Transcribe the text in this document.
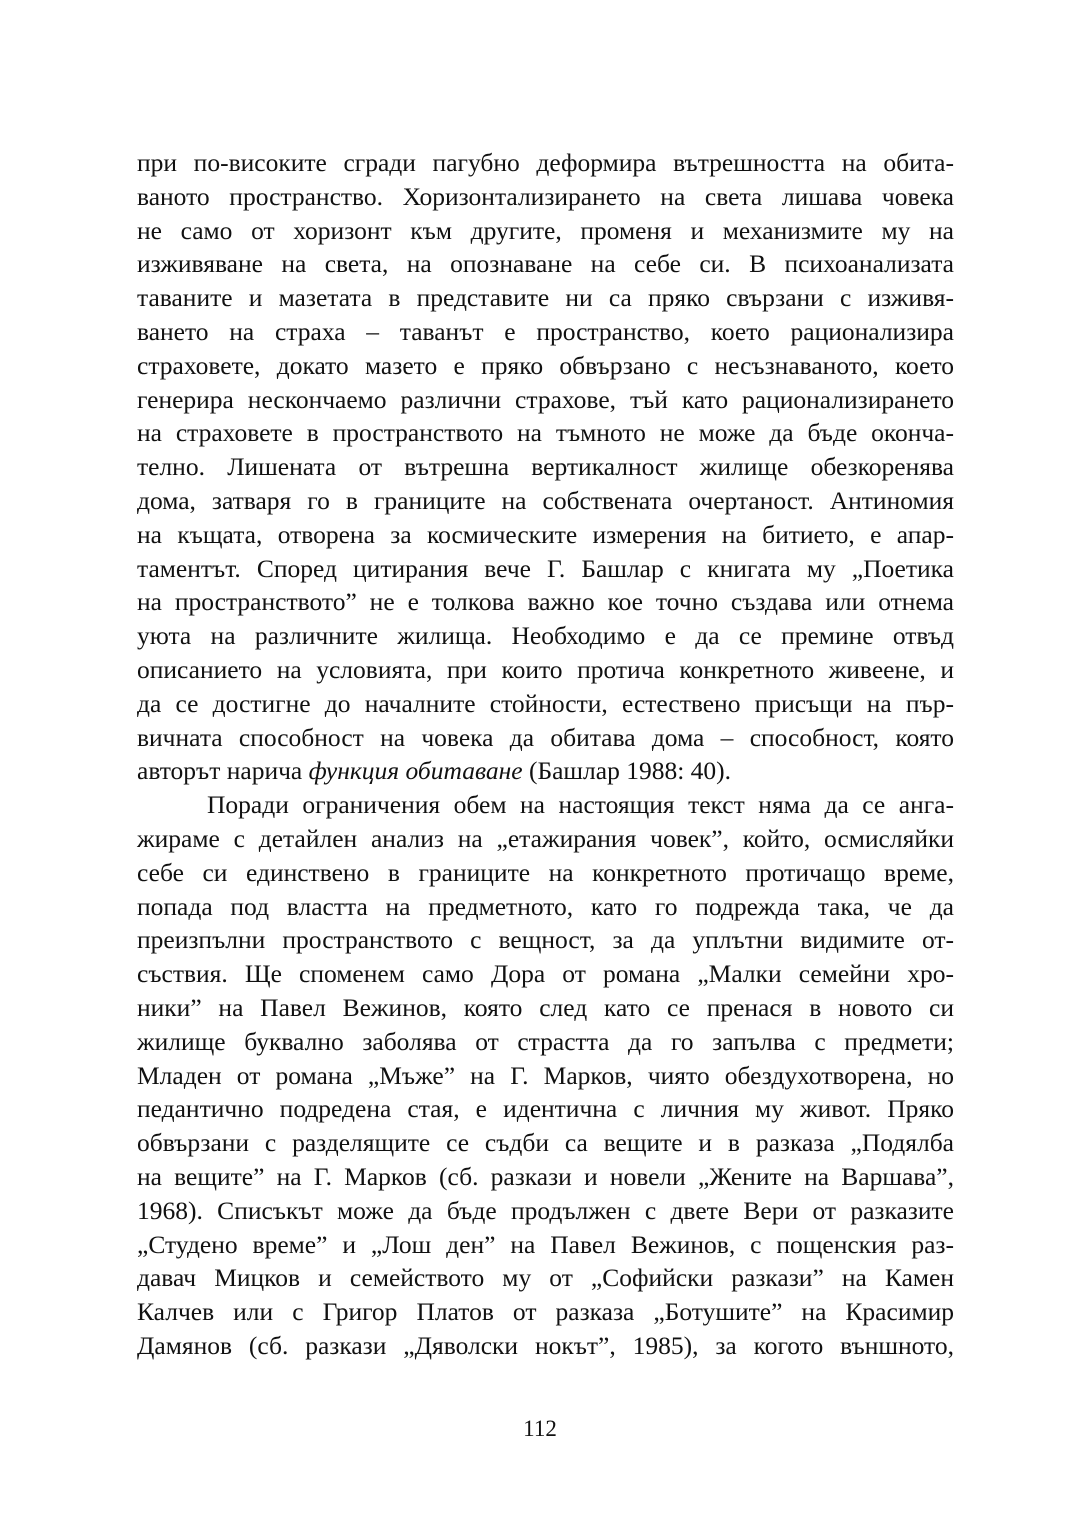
при по-високите сгради пагубно деформира вътрешността на обита-
ваното пространство. Хоризонтализирането на света лишава човека
не само от хоризонт към другите, променя и механизмите му на
изживяване на света, на опознаване на себе си. В психоанализата
таваните и мазетата в представите ни са пряко свързани с изживя-
ването на страха – таванът е пространство, което рационализира
страховете, докато мазето е пряко обвързано с несъзнаваното, което
генерира нескончаемо различни страхове, тъй като рационализирането
на страховете в пространството на тъмното не може да бъде оконча-
телно. Лишената от вътрешна вертикалност жилище обезкоренява
дома, затваря го в границите на собствената очертаност. Антиномия
на къщата, отворена за космическите измерения на битието, е апар-
таментът. Според цитирания вече Г. Башлар с книгата му „Поетика
на пространството” не е толкова важно кое точно създава или отнема
уюта на различните жилища. Необходимо е да се премине отвъд
описанието на условията, при които протича конкретното живеене, и
да се достигне до началните стойности, естествено присъщи на пър-
вичната способност на човека да обитава дома – способност, която
авторът нарича функция обитаване (Башлар 1988: 40).
Поради ограничения обем на настоящия текст няма да се анга-
жираме с детайлен анализ на „етажирания човек”, който, осмисляйки
себе си единствено в границите на конкретното протичащо време,
попада под властта на предметното, като го подрежда така, че да
преизпълни пространството с вещност, за да уплътни видимите от-
съствия. Ще споменем само Дора от романа „Малки семейни хро-
ники” на Павел Вежинов, която след като се пренася в новото си
жилище буквално заболява от страстта да го запълва с предмети;
Младен от романа „Мъже” на Г. Марков, чиято обездухотворена, но
педантично подредена стая, е идентична с личния му живот. Пряко
обвързани с разделящите се съдби са вещите и в разказа „Подялба
на вещите” на Г. Марков (сб. разкази и новели „Жените на Варшава”,
1968). Списъкът може да бъде продължен с двете Вери от разказите
„Студено време” и „Лош ден” на Павел Вежинов, с пощенския раз-
давач Мицков и семейството му от „Софийски разкази” на Камен
Калчев или с Григор Платов от разказа „Ботушите” на Красимир
Дамянов (сб. разкази „Дяволски нокът”, 1985), за когото външното,
112
